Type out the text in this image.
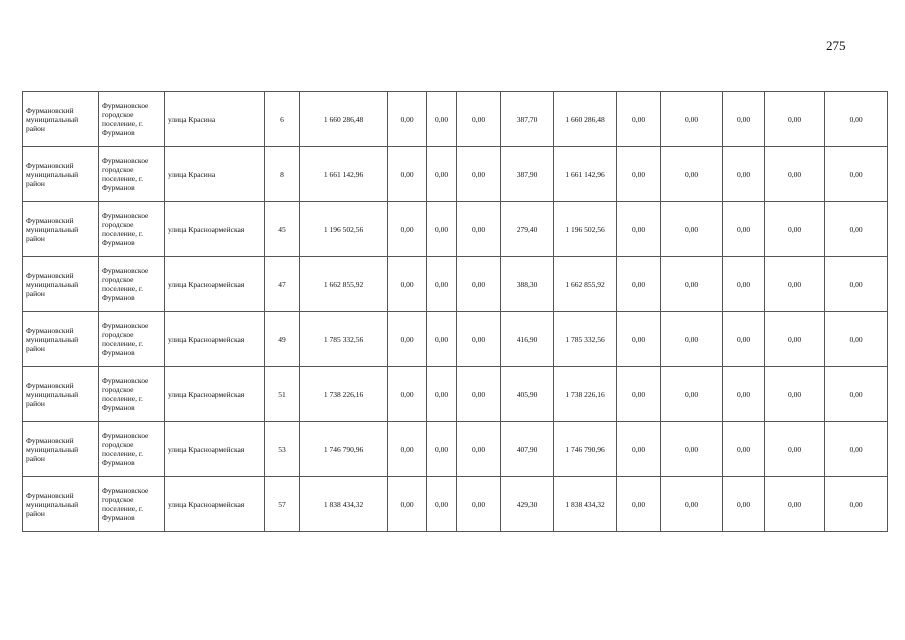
275
Фурмановский муниципальный район	Фурмановское городское поселение, г. Фурманов	улица Красина	6	1 660 286,48	0,00	0,00	0,00	387,70	1 660 286,48	0,00	0,00	0,00	0,00	0,00
Фурмановский муниципальный район	Фурмановское городское поселение, г. Фурманов	улица Красина	8	1 661 142,96	0,00	0,00	0,00	387,90	1 661 142,96	0,00	0,00	0,00	0,00	0,00
Фурмановский муниципальный район	Фурмановское городское поселение, г. Фурманов	улица Красноармейская	45	1 196 502,56	0,00	0,00	0,00	279,40	1 196 502,56	0,00	0,00	0,00	0,00	0,00
Фурмановский муниципальный район	Фурмановское городское поселение, г. Фурманов	улица Красноармейская	47	1 662 855,92	0,00	0,00	0,00	388,30	1 662 855,92	0,00	0,00	0,00	0,00	0,00
Фурмановский муниципальный район	Фурмановское городское поселение, г. Фурманов	улица Красноармейская	49	1 785 332,56	0,00	0,00	0,00	416,90	1 785 332,56	0,00	0,00	0,00	0,00	0,00
Фурмановский муниципальный район	Фурмановское городское поселение, г. Фурманов	улица Красноармейская	51	1 738 226,16	0,00	0,00	0,00	405,90	1 738 226,16	0,00	0,00	0,00	0,00	0,00
Фурмановский муниципальный район	Фурмановское городское поселение, г. Фурманов	улица Красноармейская	53	1 746 790,96	0,00	0,00	0,00	407,90	1 746 790,96	0,00	0,00	0,00	0,00	0,00
Фурмановский муниципальный район	Фурмановское городское поселение, г. Фурманов	улица Красноармейская	57	1 838 434,32	0,00	0,00	0,00	429,30	1 838 434,32	0,00	0,00	0,00	0,00	0,00
